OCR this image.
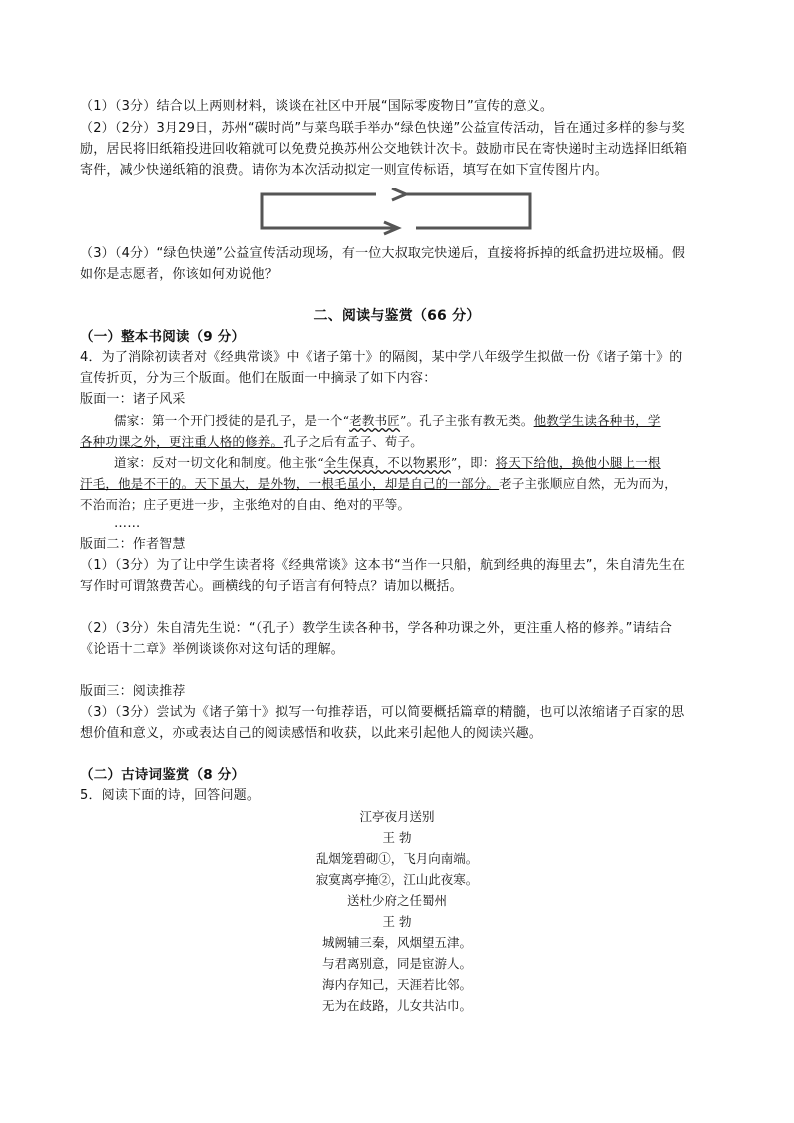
（1）（3分）结合以上两则材料，谈谈在社区中开展“国际零废物日”宣传的意义。
（2）（2分）3月29日，苏州“碳时尚”与菜鸟联手举办“绿色快递”公益宣传活动，旨在通过多样的参与奖
励，居民将旧纸箱投进回收箱就可以免费兑换苏州公交地铁计次卡。鼓励市民在寄快递时主动选择旧纸箱
寄件，减少快递纸箱的浪费。请你为本次活动拟定一则宣传标语，填写在如下宣传图片内。
（3）（4分）“绿色快递”公益宣传活动现场，有一位大叔取完快递后，直接将拆掉的纸盒扔进垃圾桶。假
如你是志愿者，你该如何劝说他？
二、阅读与鉴赏（66 分）
（一）整本书阅读（9 分）
4．为了消除初读者对《经典常谈》中《诸子第十》的隔阂，某中学八年级学生拟做一份《诸子第十》的
宣传折页，分为三个版面。他们在版面一中摘录了如下内容：
版面一：诸子风采
儒家：第一个开门授徒的是孔子，是一个“老教书匠”。孔子主张有教无类。他教学生读各种书，学
各种功课之外，更注重人格的修养。孔子之后有孟子、荀子。
道家：反对一切文化和制度。他主张“全生保真，不以物累形”，即：将天下给他，换他小腿上一根
汗毛，他是不干的。天下虽大，是外物，一根毛虽小，却是自己的一部分。老子主张顺应自然，无为而为，
不治而治；庄子更进一步，主张绝对的自由、绝对的平等。
……
版面二：作者智慧
（1）（3分）为了让中学生读者将《经典常谈》这本书“当作一只船，航到经典的海里去”，朱自清先生在
写作时可谓煞费苦心。画横线的句子语言有何特点？请加以概括。
（2）（3分）朱自清先生说：“（孔子）教学生读各种书，学各种功课之外，更注重人格的修养。”请结合
《论语十二章》举例谈谈你对这句话的理解。
版面三：阅读推荐
（3）（3分）尝试为《诸子第十》拟写一句推荐语，可以简要概括篇章的精髓，也可以浓缩诸子百家的思
想价值和意义，亦或表达自己的阅读感悟和收获，以此来引起他人的阅读兴趣。
（二）古诗词鉴赏（8 分）
5．阅读下面的诗，回答问题。
江亭夜月送别
王 勃
乱烟笼碧砌①，飞月向南端。
寂寞离亭掩②，江山此夜寒。
送杜少府之任蜀州
王 勃
城阙辅三秦，风烟望五津。
与君离别意，同是宦游人。
海内存知己，天涯若比邻。
无为在歧路，儿女共沾巾。
